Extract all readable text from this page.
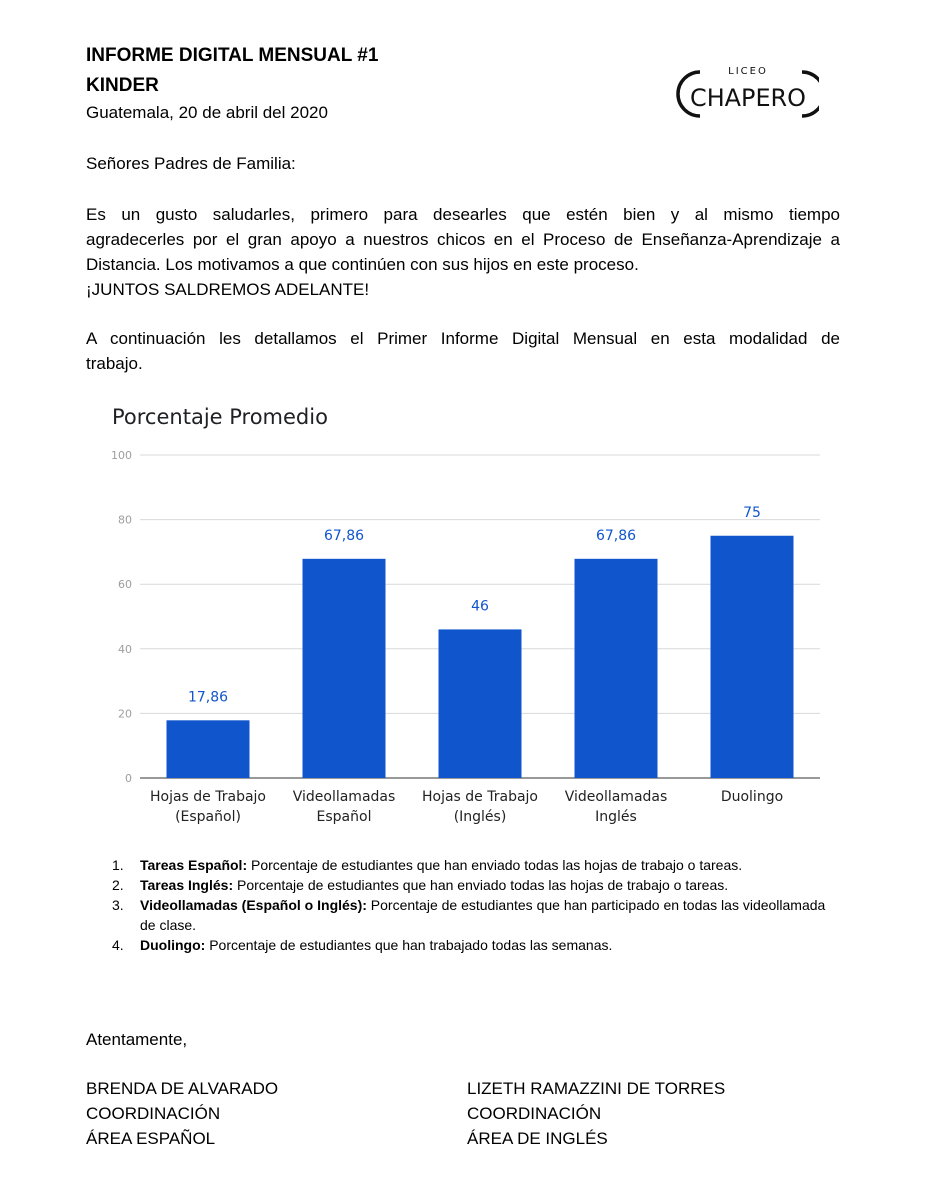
INFORME DIGITAL MENSUAL #1
KINDER
Guatemala, 20 de abril del 2020
LICEO
CHAPERO
Señores Padres de Familia:
Es un gusto saludarles, primero para desearles que estén bien y al mismo tiempo
agradecerles por el gran apoyo a nuestros chicos en el Proceso de Enseñanza-Aprendizaje a
Distancia. Los motivamos a que continúen con sus hijos en este proceso.
¡JUNTOS SALDREMOS ADELANTE!
A continuación les detallamos el Primer Informe Digital Mensual en esta modalidad de
trabajo.
Porcentaje Promedio
0
20
40
60
80
100
17,86
67,86
46
67,86
75
Hojas de Trabajo (Español)
Videollamadas Español
Hojas de Trabajo (Inglés)
Videollamadas Inglés
Duolingo
1. Tareas Español: Porcentaje de estudiantes que han enviado todas las hojas de trabajo o tareas.
2. Tareas Inglés: Porcentaje de estudiantes que han enviado todas las hojas de trabajo o tareas.
3. Videollamadas (Español o Inglés): Porcentaje de estudiantes que han participado en todas las videollamada de clase.
4. Duolingo: Porcentaje de estudiantes que han trabajado todas las semanas.
Atentamente,
BRENDA DE ALVARADO
COORDINACIÓN
ÁREA ESPAÑOL
LIZETH RAMAZZINI DE TORRES
COORDINACIÓN
ÁREA DE INGLÉS
